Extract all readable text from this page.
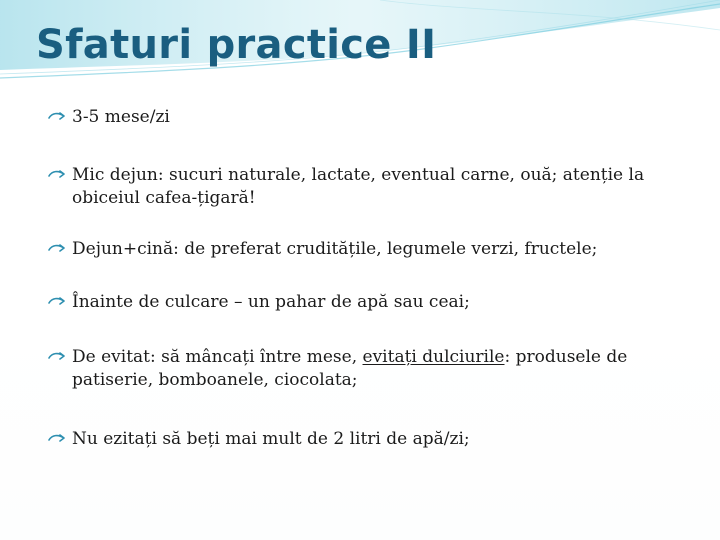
Sfaturi practice II
3-5 mese/zi
Mic dejun: sucuri naturale, lactate, eventual carne, ouă; atenție la obiceiul cafea-țigară!
Dejun+cină: de preferat cruditățile, legumele verzi, fructele;
Înainte de culcare – un pahar de apă sau ceai;
De evitat: să mâncați între mese, evitați dulciurile: produsele de patiserie, bomboanele, ciocolata;
Nu ezitați să beți mai mult de 2 litri de apă/zi;
